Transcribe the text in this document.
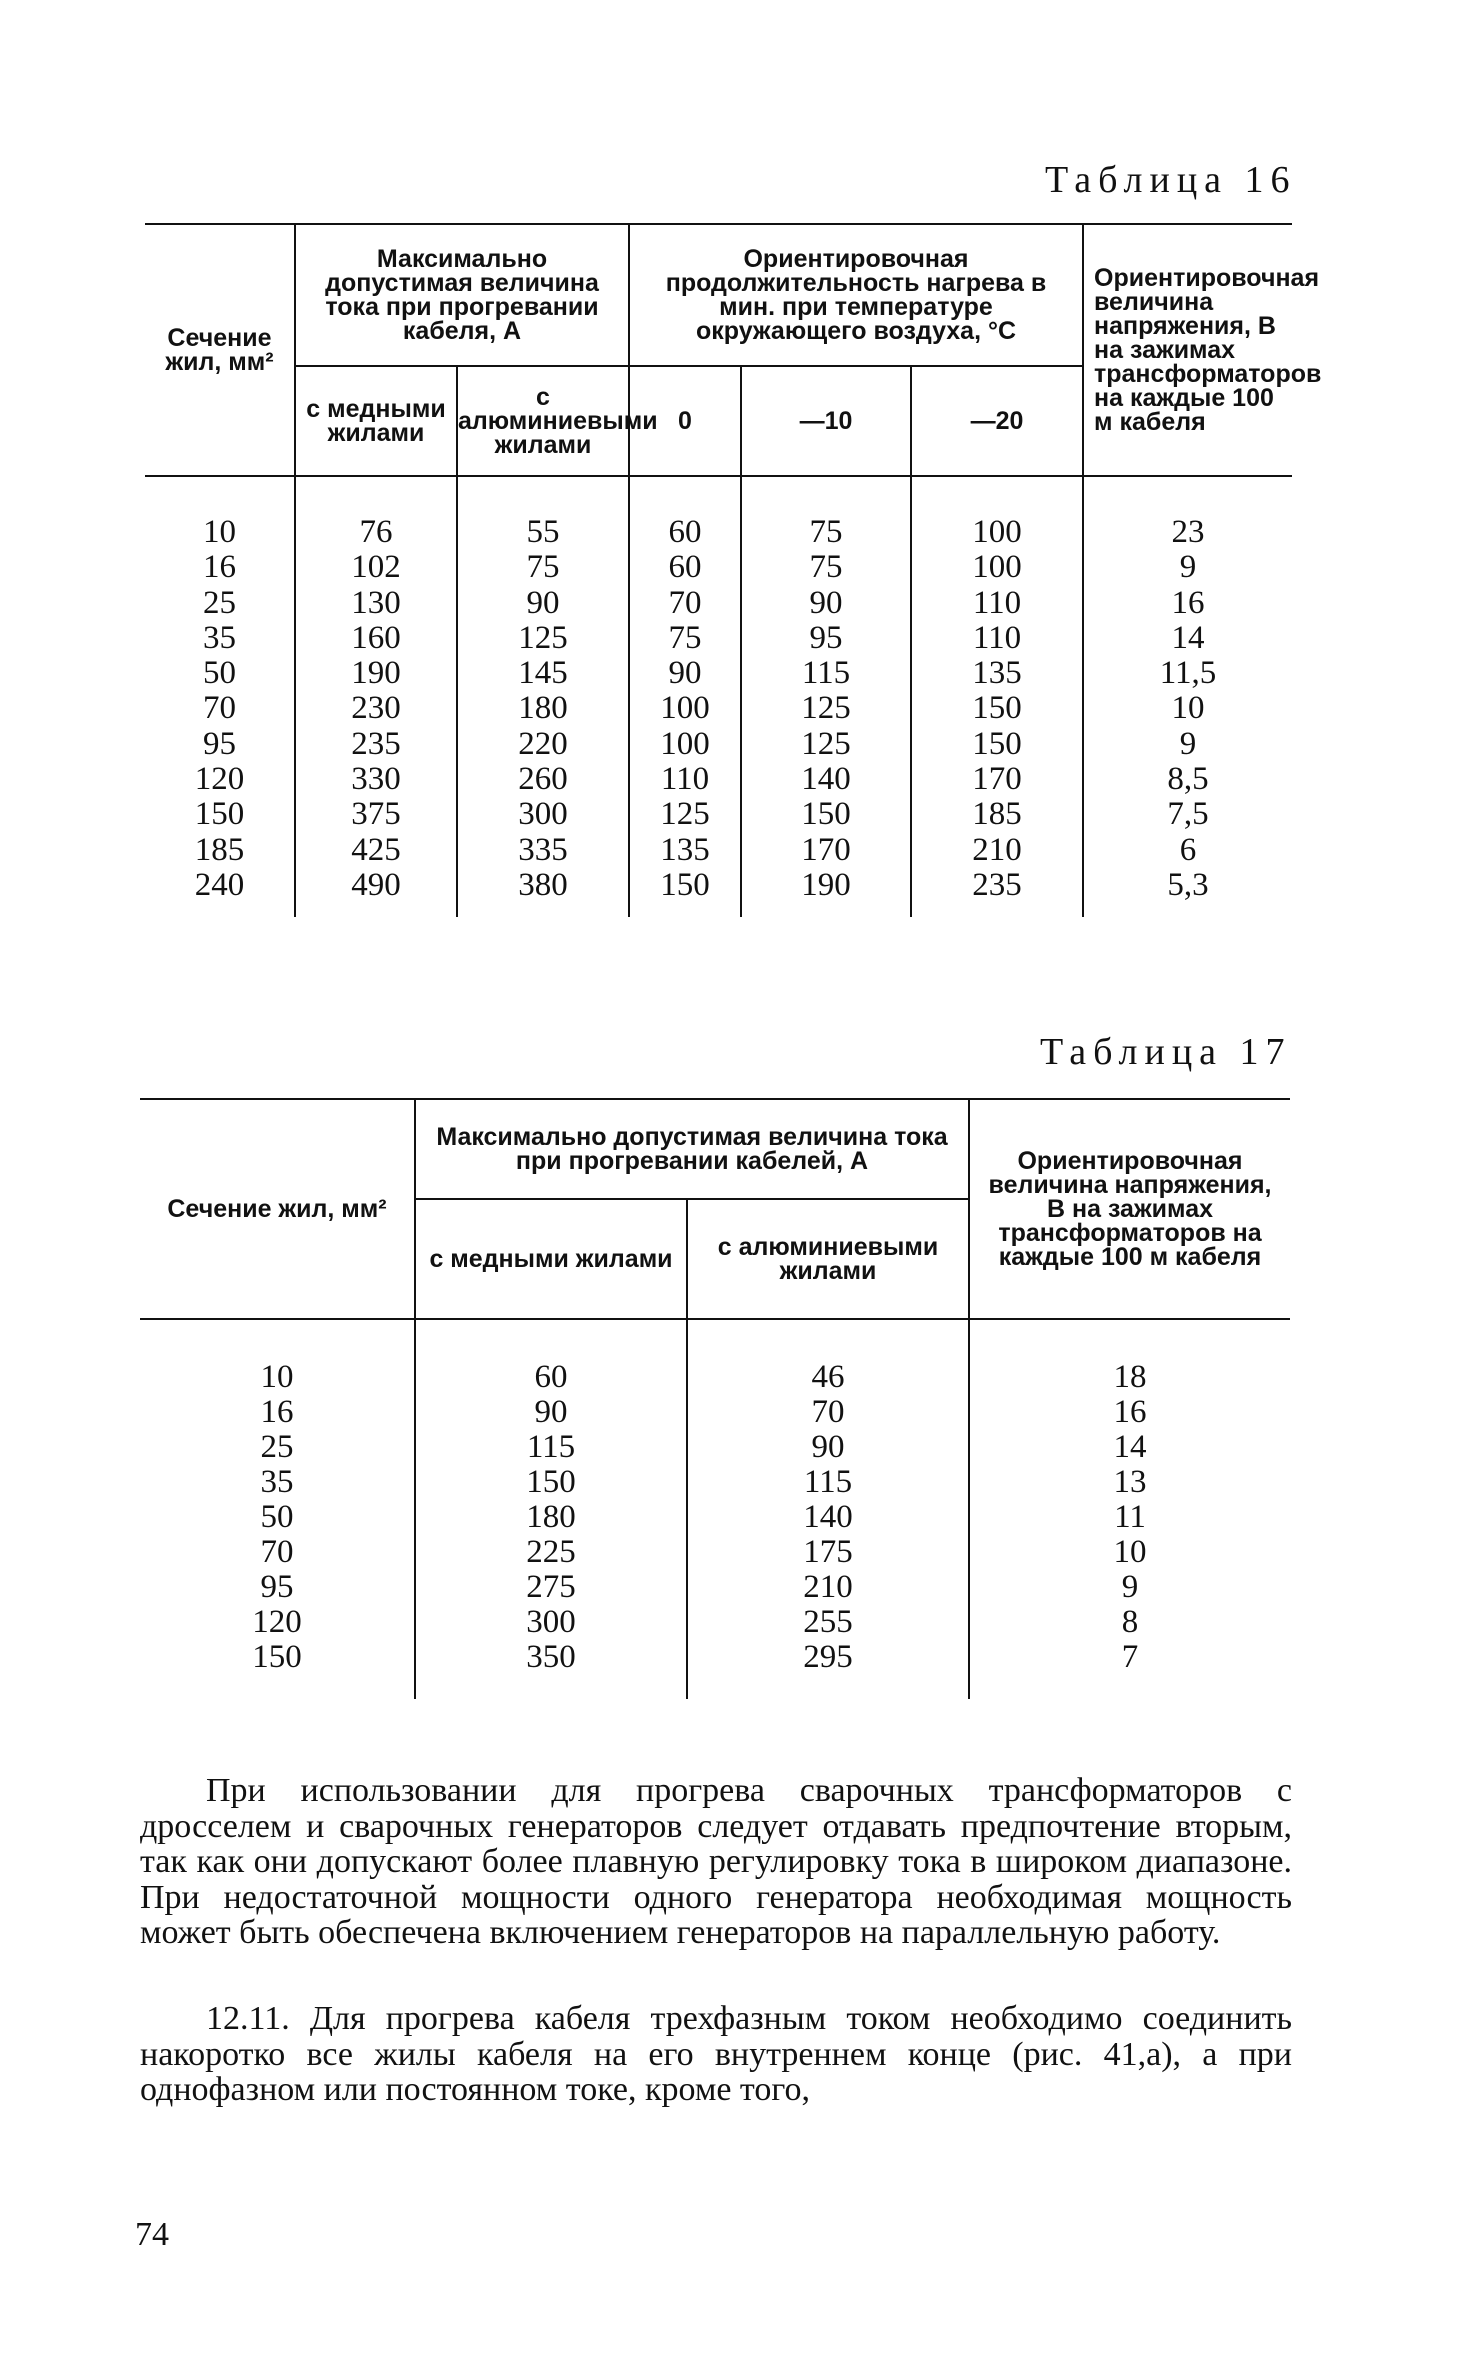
Таблица 16
Сечение жил, мм²	Максимально допустимая величина тока при прогревании кабеля, А		Ориентировочная продолжительность нагрева в мин. при температуре окружающего воздуха, °С			Ориентировочная величина напряжения, В на зажимах трансформаторов на каждые 100 м кабеля
	с медными жилами	с алюминиевыми жилами	0	—10	—20	
10	76	55	60	75	100	23
16	102	75	60	75	100	9
25	130	90	70	90	110	16
35	160	125	75	95	110	14
50	190	145	90	115	135	11,5
70	230	180	100	125	150	10
95	235	220	100	125	150	9
120	330	260	110	140	170	8,5
150	375	300	125	150	185	7,5
185	425	335	135	170	210	6
240	490	380	150	190	235	5,3
Таблица 17
Сечение жил, мм²	Максимально допустимая величина тока при прогревании кабелей, А		Ориентировочная величина напряжения, В на зажимах трансформаторов на каждые 100 м кабеля
	с медными жилами	с алюминиевыми жилами	
10	60	46	18
16	90	70	16
25	115	90	14
35	150	115	13
50	180	140	11
70	225	175	10
95	275	210	9
120	300	255	8
150	350	295	7
При использовании для прогрева сварочных трансформаторов с дросселем и сварочных генераторов следует отдавать предпочтение вторым, так как они допускают более плавную регулировку тока в широком диапазоне. При недостаточной мощности одного генератора необходимая мощность может быть обеспечена включением генераторов на параллельную работу.
12.11. Для прогрева кабеля трехфазным током необходимо соединить накоротко все жилы кабеля на его внутреннем конце (рис. 41,а), а при однофазном или постоянном токе, кроме того,
74
